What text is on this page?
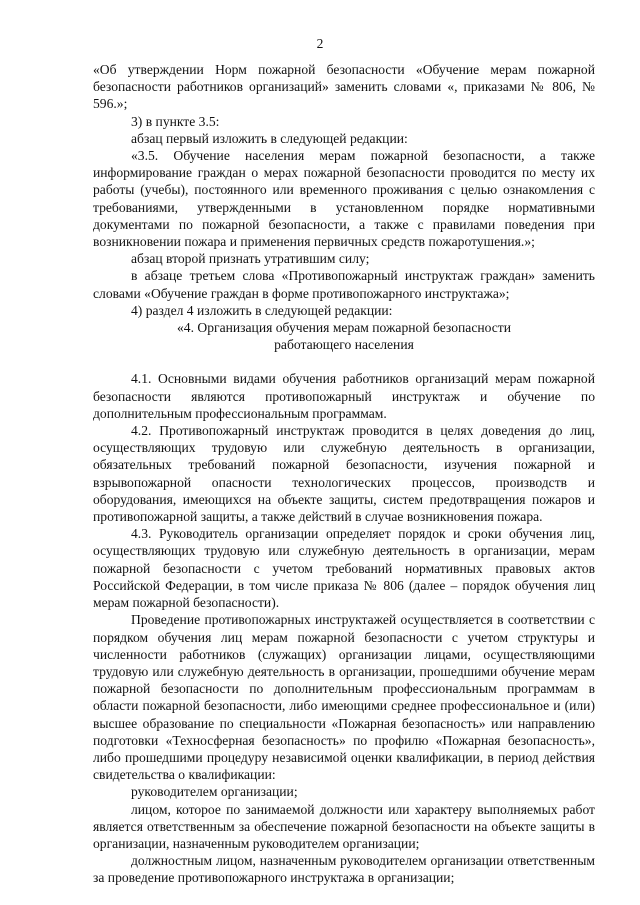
2

«Об утверждении Норм пожарной безопасности «Обучение мерам пожарной безопасности работников организаций» заменить словами «, приказами № 806, № 596.»;

3) в пункте 3.5:

абзац первый изложить в следующей редакции:

«3.5. Обучение населения мерам пожарной безопасности, а также информирование граждан о мерах пожарной безопасности проводится по месту их работы (учебы), постоянного или временного проживания с целью ознакомления с требованиями, утвержденными в установленном порядке нормативными документами по пожарной безопасности, а также с правилами поведения при возникновении пожара и применения первичных средств пожаротушения.»;

абзац второй признать утратившим силу;

в абзаце третьем слова «Противопожарный инструктаж граждан» заменить словами «Обучение граждан в форме противопожарного инструктажа»;

4) раздел 4 изложить в следующей редакции:

«4. Организация обучения мерам пожарной безопасности

работающего населения

4.1. Основными видами обучения работников организаций мерам пожарной безопасности являются противопожарный инструктаж и обучение по дополнительным профессиональным программам.

4.2. Противопожарный инструктаж проводится в целях доведения до лиц, осуществляющих трудовую или служебную деятельность в организации, обязательных требований пожарной безопасности, изучения пожарной и взрывопожарной опасности технологических процессов, производств и оборудования, имеющихся на объекте защиты, систем предотвращения пожаров и противопожарной защиты, а также действий в случае возникновения пожара.

4.3. Руководитель организации определяет порядок и сроки обучения лиц, осуществляющих трудовую или служебную деятельность в организации, мерам пожарной безопасности с учетом требований нормативных правовых актов Российской Федерации, в том числе приказа № 806 (далее – порядок обучения лиц мерам пожарной безопасности).

Проведение противопожарных инструктажей осуществляется в соответствии с порядком обучения лиц мерам пожарной безопасности с учетом структуры и численности работников (служащих) организации лицами, осуществляющими трудовую или служебную деятельность в организации, прошедшими обучение мерам пожарной безопасности по дополнительным профессиональным программам в области пожарной безопасности, либо имеющими среднее профессиональное и (или) высшее образование по специальности «Пожарная безопасность» или направлению подготовки «Техносферная безопасность» по профилю «Пожарная безопасность», либо прошедшими процедуру независимой оценки квалификации, в период действия свидетельства о квалификации:

руководителем организации;

лицом, которое по занимаемой должности или характеру выполняемых работ является ответственным за обеспечение пожарной безопасности на объекте защиты в организации, назначенным руководителем организации;

должностным лицом, назначенным руководителем организации ответственным за проведение противопожарного инструктажа в организации;
